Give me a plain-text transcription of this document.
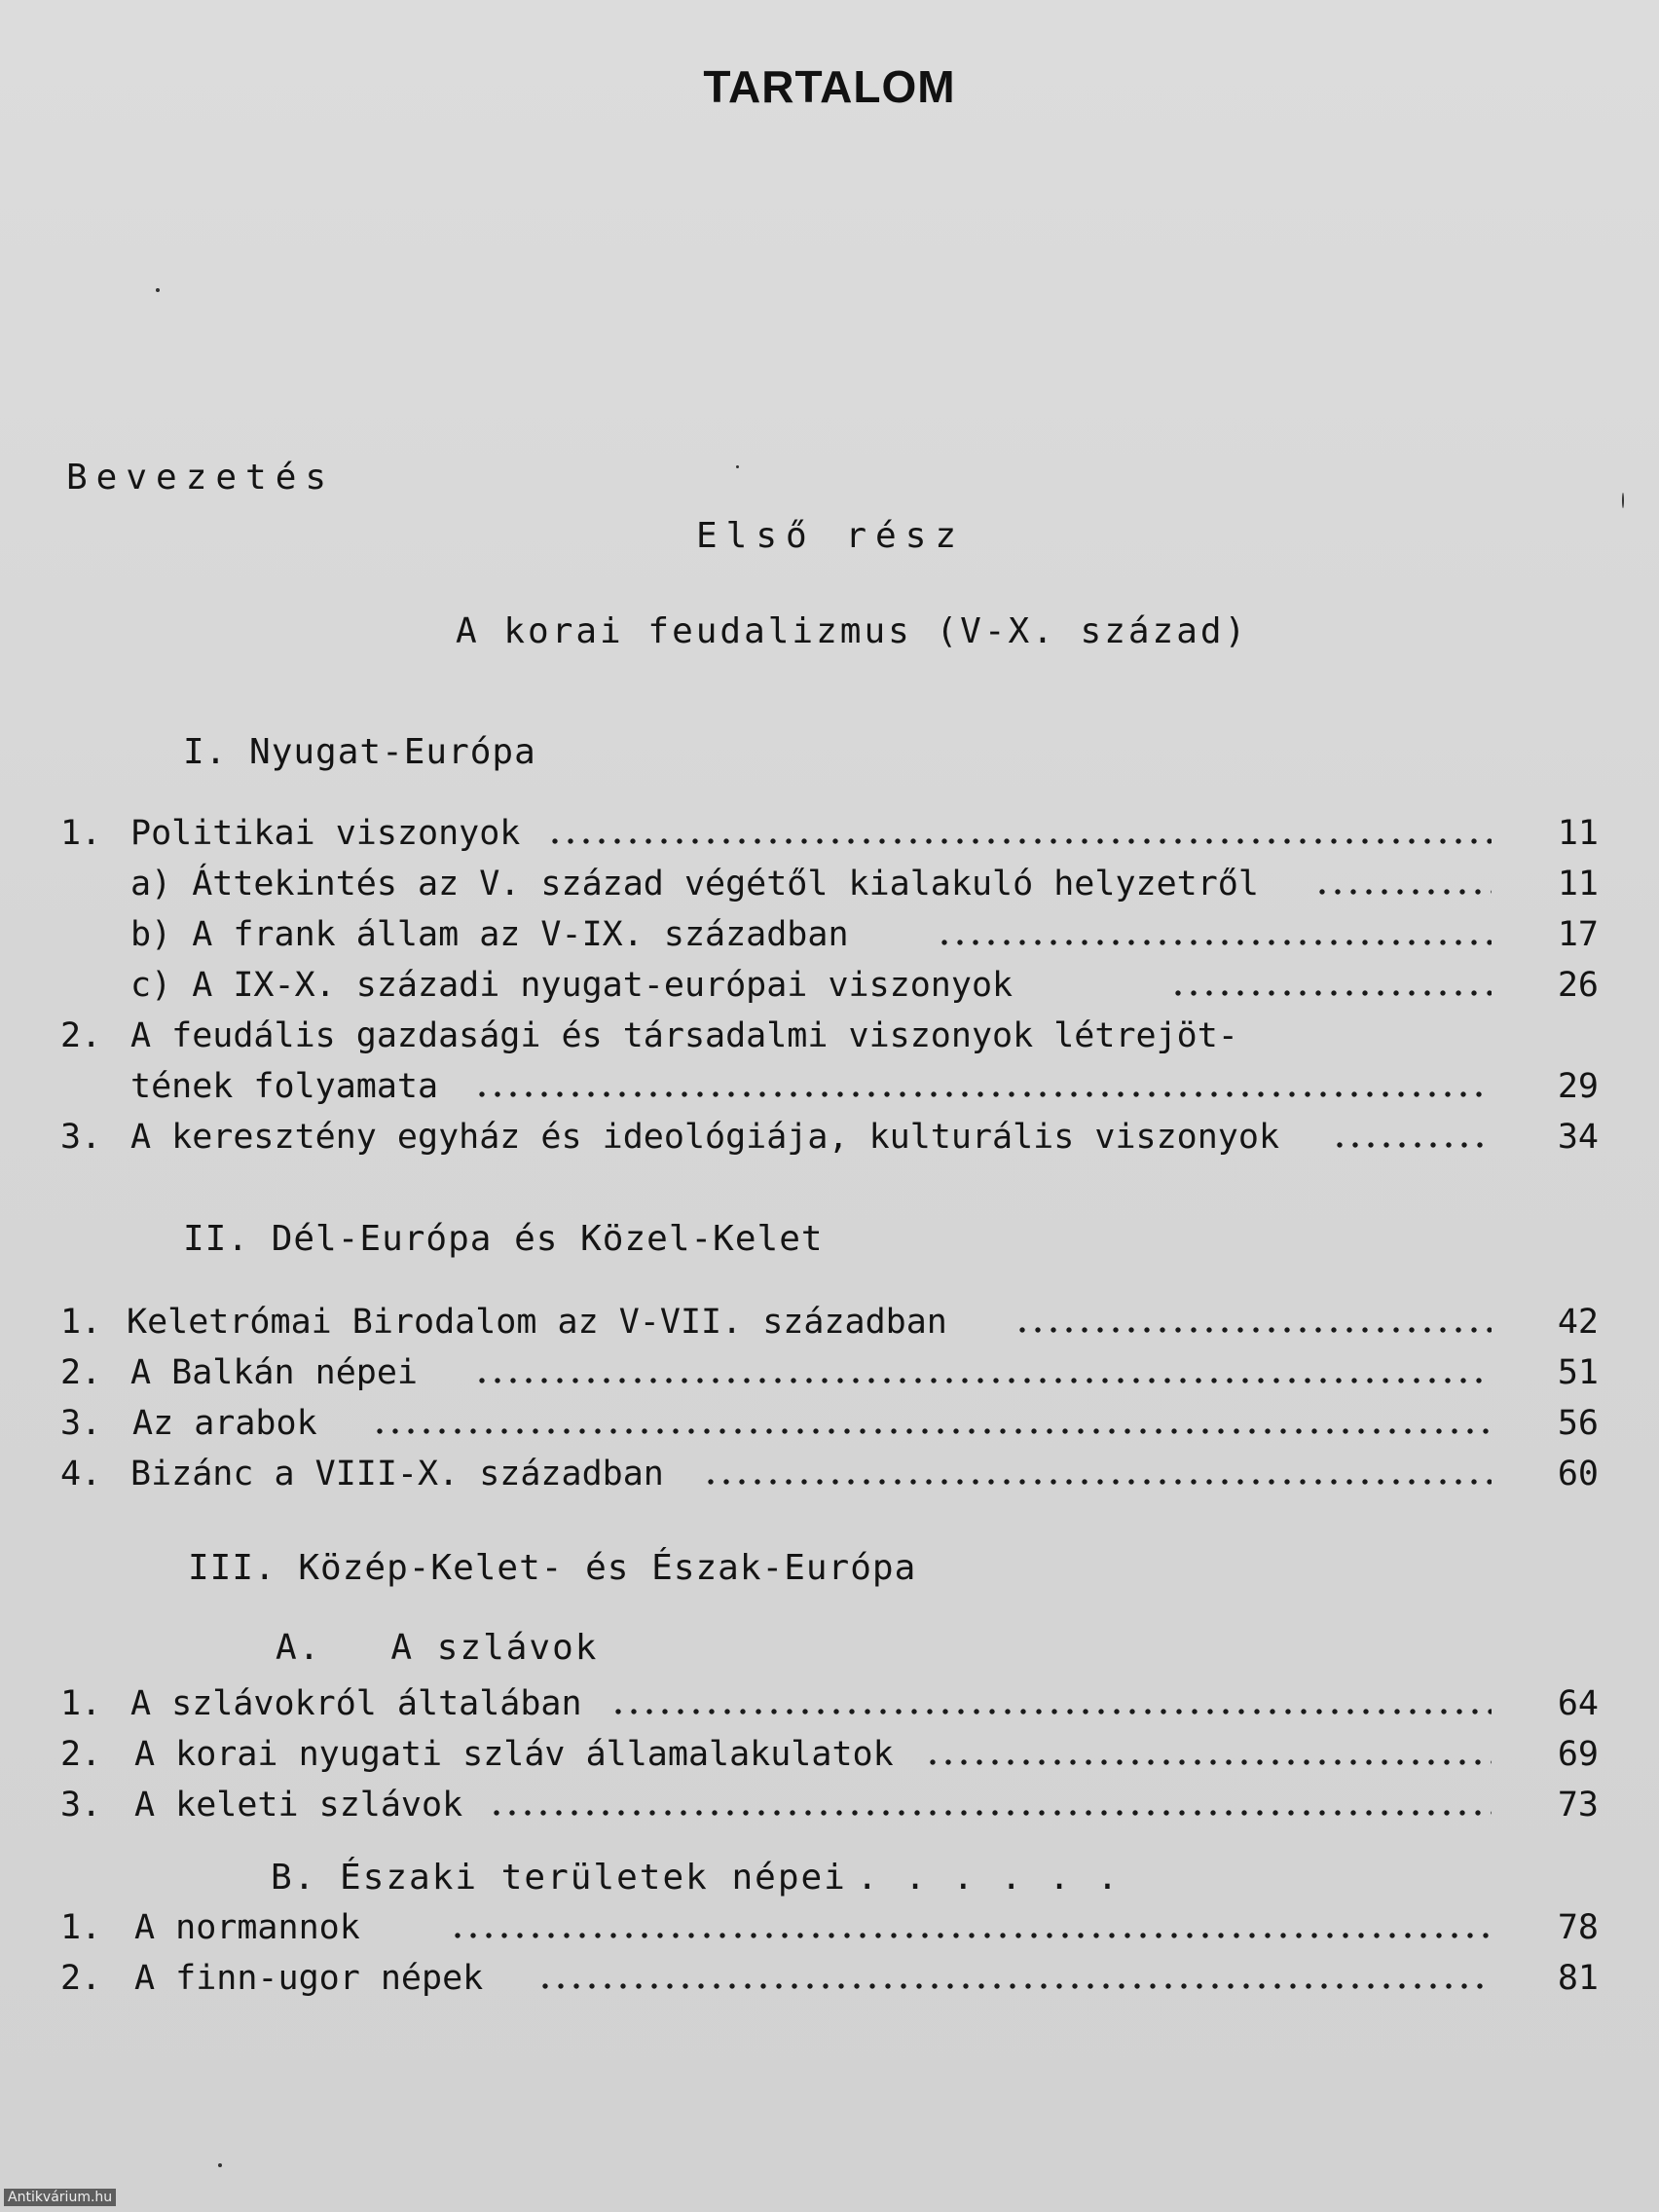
TARTALOM
Bevezetés
Első rész
A korai feudalizmus (V-X. század)
I. Nyugat-Európa
1. Politikai viszonyok	11
a) Áttekintés az V. század végétől kialakuló helyzetről	11
b) A frank állam az V-IX. században	17
c) A IX-X. századi nyugat-európai viszonyok	26
2. A feudális gazdasági és társadalmi viszonyok létrejöt-
tének folyamata	29
3. A keresztény egyház és ideológiája, kulturális viszonyok	34
II. Dél-Európa és Közel-Kelet
1. Keletrómai Birodalom az V-VII. században	42
2. A Balkán népei	51
3. Az arabok	56
4. Bizánc a VIII-X. században	60
III. Közép-Kelet- és Észak-Európa
A.   A szlávok
1. A szlávokról általában	64
2. A korai nyugati szláv államalakulatok	69
3. A keleti szlávok	73
B. Északi területek népei . . . . . .
1. A normannok	78
2. A finn-ugor népek	81
Antikvárium.hu
